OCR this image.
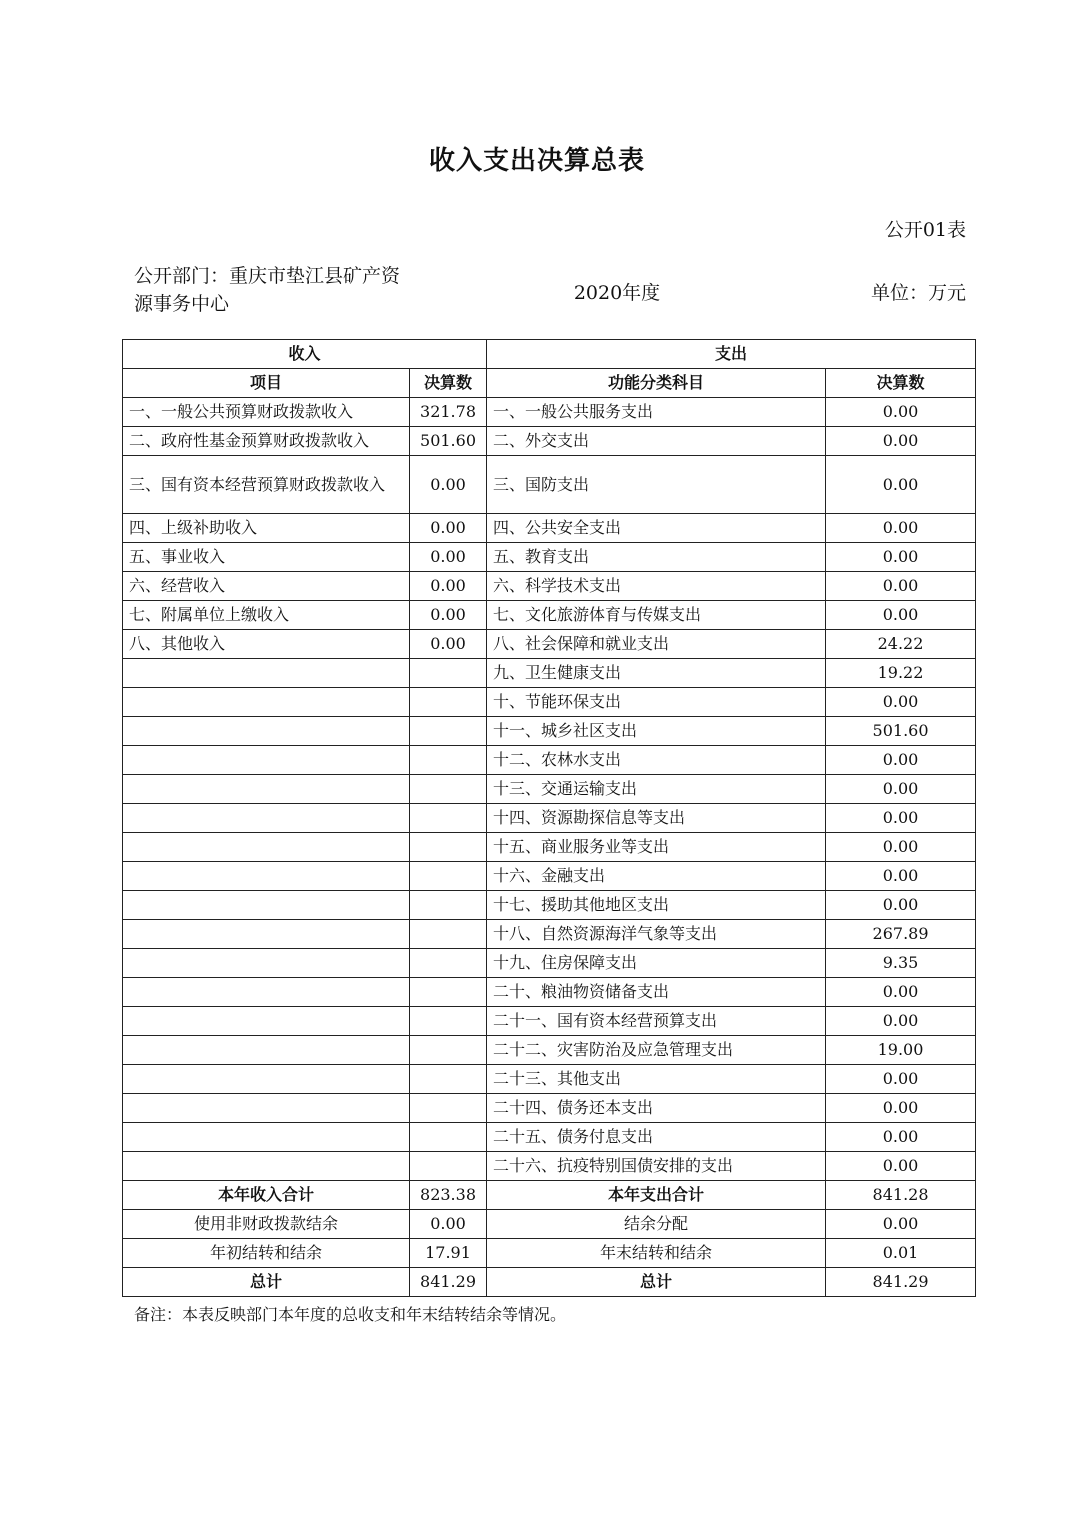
收入支出决算总表
公开01表
公开部门：重庆市垫江县矿产资源事务中心	2020年度	单位：万元
收入		支出	
项目	决算数	功能分类科目	决算数
一、一般公共预算财政拨款收入	321.78	一、一般公共服务支出	0.00
二、政府性基金预算财政拨款收入	501.60	二、外交支出	0.00
三、国有资本经营预算财政拨款收入	0.00	三、国防支出	0.00
四、上级补助收入	0.00	四、公共安全支出	0.00
五、事业收入	0.00	五、教育支出	0.00
六、经营收入	0.00	六、科学技术支出	0.00
七、附属单位上缴收入	0.00	七、文化旅游体育与传媒支出	0.00
八、其他收入	0.00	八、社会保障和就业支出	24.22
		九、卫生健康支出	19.22
		十、节能环保支出	0.00
		十一、城乡社区支出	501.60
		十二、农林水支出	0.00
		十三、交通运输支出	0.00
		十四、资源勘探信息等支出	0.00
		十五、商业服务业等支出	0.00
		十六、金融支出	0.00
		十七、援助其他地区支出	0.00
		十八、自然资源海洋气象等支出	267.89
		十九、住房保障支出	9.35
		二十、粮油物资储备支出	0.00
		二十一、国有资本经营预算支出	0.00
		二十二、灾害防治及应急管理支出	19.00
		二十三、其他支出	0.00
		二十四、债务还本支出	0.00
		二十五、债务付息支出	0.00
		二十六、抗疫特别国债安排的支出	0.00
本年收入合计	823.38	本年支出合计	841.28
使用非财政拨款结余	0.00	结余分配	0.00
年初结转和结余	17.91	年末结转和结余	0.01
总计	841.29	总计	841.29
备注：本表反映部门本年度的总收支和年末结转结余等情况。
